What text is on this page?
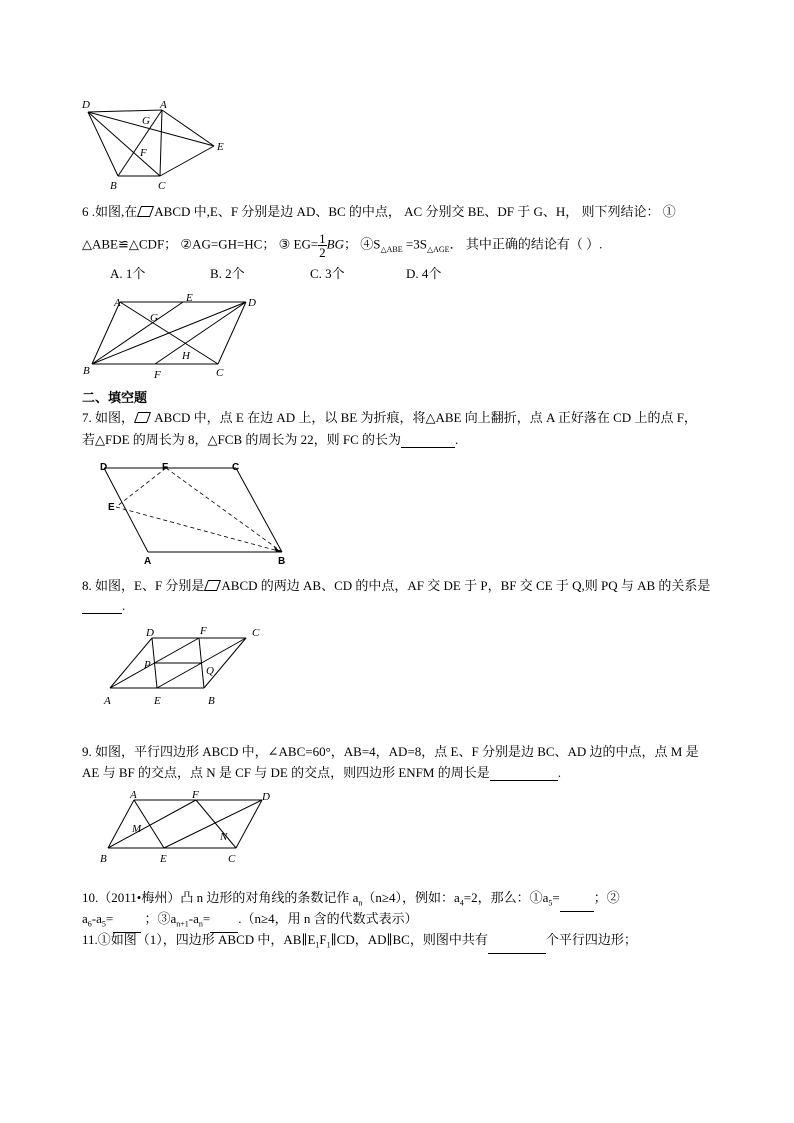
D	A
G
F	E
B	C
6 .如图,在 ABCD 中,E、F 分别是边 AD、BC 的中点， AC 分别交 BE、DF 于 G、H， 则下列结论： ①
△ABE≌△CDF； ②AG=GH=HC； ③ $EG= \frac{1}{2}$ BG； $④S_{\triangle ABE} =3S_{\triangle AGE}$． 其中正确的结论有（ ）.
A. 1个	B. 2个	C. 3个	D. 4个
A	E	D
G
H
B	F	C
二、填空题
7. 如图， ABCD 中，点 E 在边 AD 上，以 BE 为折痕，将△ABE 向上翻折，点 A 正好落在 CD 上的点 F，
若△FDE 的周长为 8，△FCB 的周长为 22，则 FC 的长为	.
D	F	C
E
A	B
8. 如图，E、F 分别是 ABCD 的两边 AB、CD 的中点，AF 交 DE 于 P，BF 交 CE 于 Q,则 PQ 与 AB 的关系是
.
D	F	C
P	Q
A	E	B
9. 如图，平行四边形 ABCD 中，∠ABC=60°，AB=4，AD=8，点 E、F 分别是边 BC、AD 边的中点，点 M 是
AE 与 BF 的交点，点 N 是 CF 与 DE 的交点，则四边形 ENFM 的周长是	.
A	F	D
M
N
B	E	C
10.（2011•梅州）凸 n 边形的对角线的条数记作 $a_n(n\ge 4)$，例如：$a_4=2$，那么：$①a_5=$	；②
$a_6-a_5=$ ；$③a_{n+1}-a_n= .(n\ge 4$，用 n 含的代数式表示）
11.①如图（1），四边形 ABCD 中，$AB\parallel E_1F_1\parallel CD$，AD∥BC，则图中共有	个平行四边形；
